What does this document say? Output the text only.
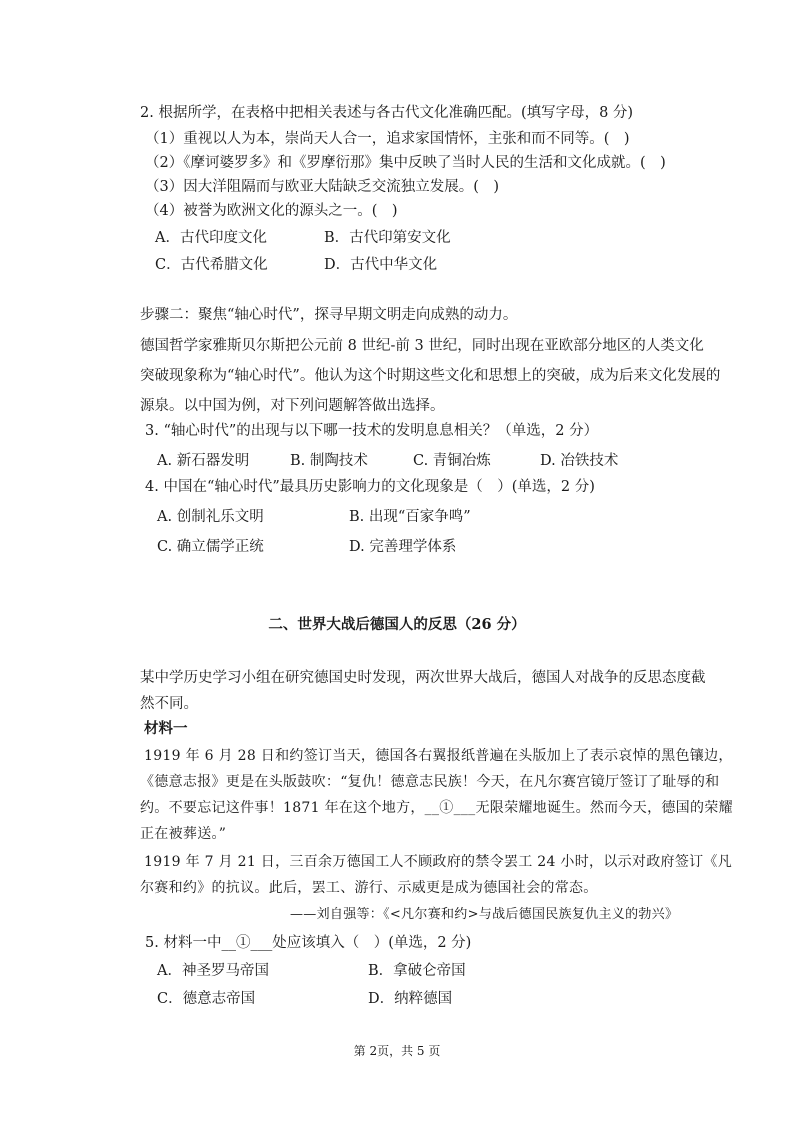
2. 根据所学，在表格中把相关表述与各古代文化准确匹配。(填写字母，8 分)
（1）重视以人为本，崇尚天人合一，追求家国情怀，主张和而不同等。(　)
（2）《摩诃婆罗多》和《罗摩衍那》集中反映了当时人民的生活和文化成就。(　)
（3）因大洋阻隔而与欧亚大陆缺乏交流独立发展。(　)
（4）被誉为欧洲文化的源头之一。(　)
A．古代印度文化	B．古代印第安文化
C．古代希腊文化	D．古代中华文化
步骤二：聚焦“轴心时代”，探寻早期文明走向成熟的动力。
德国哲学家雅斯贝尔斯把公元前 8 世纪-前 3 世纪，同时出现在亚欧部分地区的人类文化
突破现象称为“轴心时代”。他认为这个时期这些文化和思想上的突破，成为后来文化发展的
源泉。以中国为例，对下列问题解答做出选择。
3. “轴心时代”的出现与以下哪一技术的发明息息相关？（单选，2 分）
A. 新石器发明	B. 制陶技术	C. 青铜冶炼	D. 冶铁技术
4. 中国在“轴心时代”最具历史影响力的文化现象是（　）(单选，2 分)
A. 创制礼乐文明	B. 出现“百家争鸣”
C. 确立儒学正统	D. 完善理学体系
二、世界大战后德国人的反思（26 分）
某中学历史学习小组在研究德国史时发现，两次世界大战后，德国人对战争的反思态度截
然不同。
材料一
1919 年 6 月 28 日和约签订当天，德国各右翼报纸普遍在头版加上了表示哀悼的黑色镶边，
《德意志报》更是在头版鼓吹：“复仇！德意志民族！今天，在凡尔赛宫镜厅签订了耻辱的和
约。不要忘记这件事！1871 年在这个地方，__①___无限荣耀地诞生。然而今天，德国的荣耀
正在被葬送。”
1919 年 7 月 21 日，三百余万德国工人不顾政府的禁令罢工 24 小时，以示对政府签订《凡
尔赛和约》的抗议。此后，罢工、游行、示威更是成为德国社会的常态。
——刘自强等：《<凡尔赛和约>与战后德国民族复仇主义的勃兴》
5. 材料一中__①___处应该填入（　）(单选，2 分)
A．神圣罗马帝国	B．拿破仑帝国
C．德意志帝国	D．纳粹德国
第 2页，共 5 页
